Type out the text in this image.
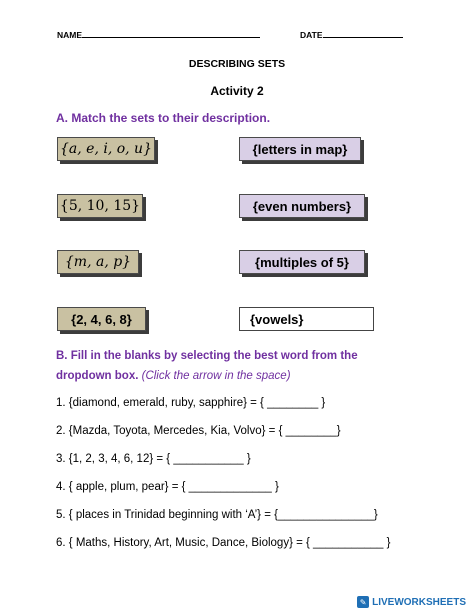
NAME	DATE
DESCRIBING SETS
Activity 2
A. Match the sets to their description.
{a, e, i, o, u}
{5, 10, 15}
{m, a, p}
{2, 4, 6, 8}
{letters in map}
{even numbers}
{multiples of 5}
{vowels}
B. Fill in the blanks by selecting the best word from the
dropdown box. (Click the arrow in the space)
1. {diamond, emerald, ruby, sapphire} = { ________ }
2. {Mazda, Toyota, Mercedes, Kia, Volvo} = { ________}
3. {1, 2, 3, 4, 6, 12} = { ___________ }
4. { apple, plum, pear} = { _____________ }
5. { places in Trinidad beginning with ‘A’} = {_______________}
6. { Maths, History, Art, Music, Dance, Biology} = { ___________ }
✎ LIVEWORKSHEETS
